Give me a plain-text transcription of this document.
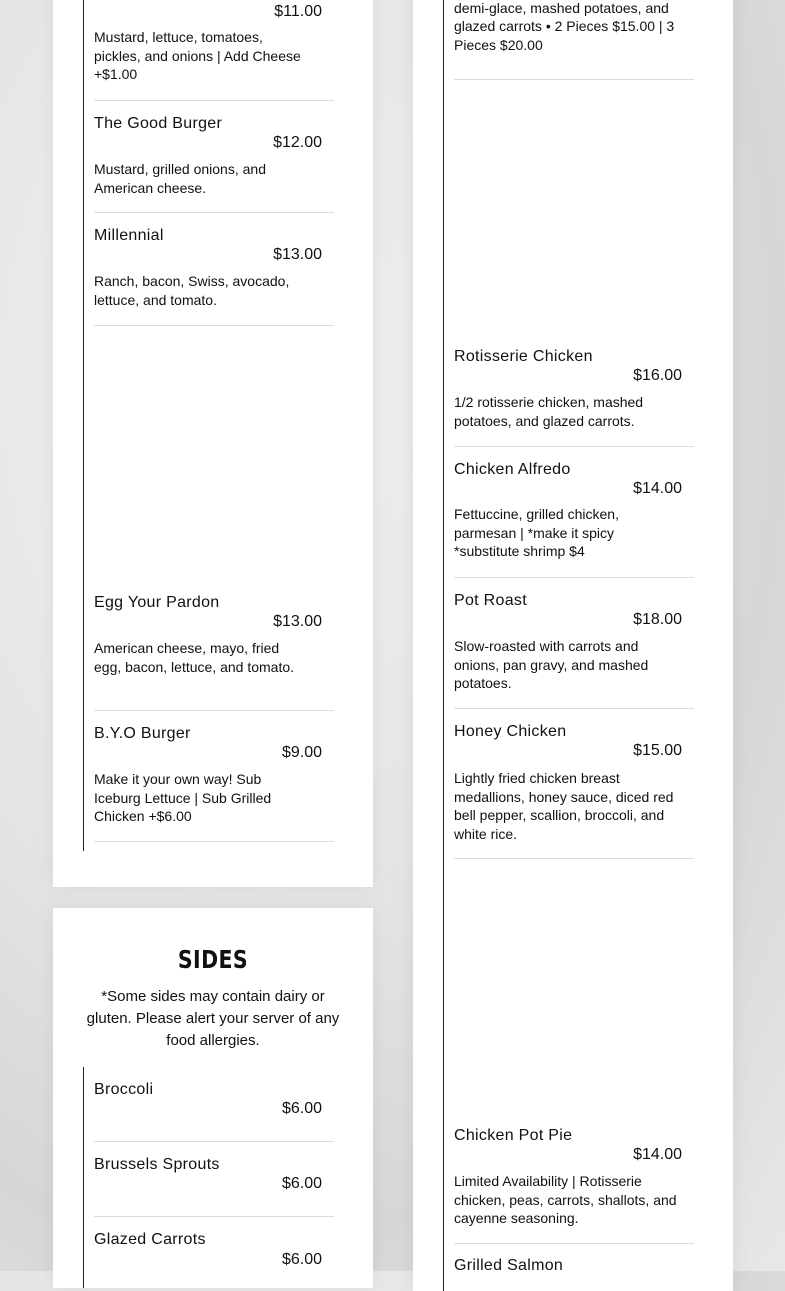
$11.00
Mustard, lettuce, tomatoes, pickles, and onions | Add Cheese +$1.00
The Good Burger
$12.00
Mustard, grilled onions, and American cheese.
Millennial
$13.00
Ranch, bacon, Swiss, avocado, lettuce, and tomato.
Egg Your Pardon
$13.00
American cheese, mayo, fried egg, bacon, lettuce, and tomato.
B.Y.O Burger
$9.00
Make it your own way! Sub Iceburg Lettuce | Sub Grilled Chicken +$6.00
SIDES
*Some sides may contain dairy or gluten. Please alert your server of any food allergies.
Broccoli
$6.00
Brussels Sprouts
$6.00
Glazed Carrots
$6.00
demi-glace, mashed potatoes, and glazed carrots • 2 Pieces $15.00 | 3 Pieces $20.00
Rotisserie Chicken
$16.00
1/2 rotisserie chicken, mashed potatoes, and glazed carrots.
Chicken Alfredo
$14.00
Fettuccine, grilled chicken, parmesan | *make it spicy *substitute shrimp $4
Pot Roast
$18.00
Slow-roasted with carrots and onions, pan gravy, and mashed potatoes.
Honey Chicken
$15.00
Lightly fried chicken breast medallions, honey sauce, diced red bell pepper, scallion, broccoli, and white rice.
Chicken Pot Pie
$14.00
Limited Availability | Rotisserie chicken, peas, carrots, shallots, and cayenne seasoning.
Grilled Salmon
